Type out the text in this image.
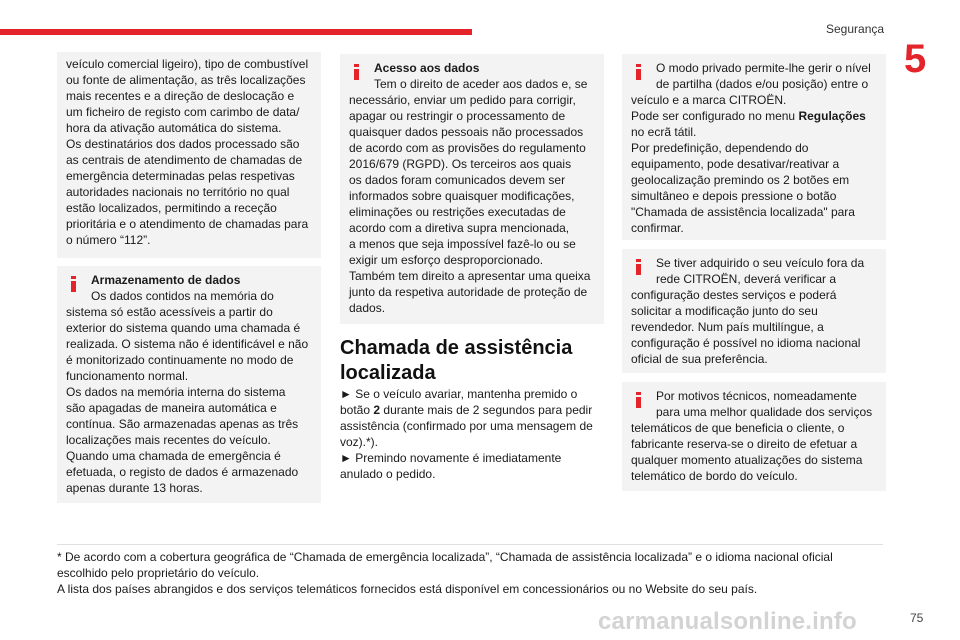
Segurança
5

veículo comercial ligeiro), tipo de combustível

ou fonte de alimentação, as três localizações

mais recentes e a direção de deslocação e

um ficheiro de registo com carimbo de data/

hora da ativação automática do sistema.

Os destinatários dos dados processado são

as centrais de atendimento de chamadas de

emergência determinadas pelas respetivas

autoridades nacionais no território no qual

estão localizados, permitindo a receção

prioritária e o atendimento de chamadas para

o número “112”.

Armazenamento de dados

Os dados contidos na memória do

sistema só estão acessíveis a partir do

exterior do sistema quando uma chamada é

realizada. O sistema não é identificável e não

é monitorizado continuamente no modo de

funcionamento normal.

Os dados na memória interna do sistema

são apagadas de maneira automática e

contínua. São armazenadas apenas as três

localizações mais recentes do veículo.

Quando uma chamada de emergência é

efetuada, o registo de dados é armazenado

apenas durante 13 horas.

Acesso aos dados

Tem o direito de aceder aos dados e, se

necessário, enviar um pedido para corrigir,

apagar ou restringir o processamento de

quaisquer dados pessoais não processados

de acordo com as provisões do regulamento

2016/679 (RGPD). Os terceiros aos quais

os dados foram comunicados devem ser

informados sobre quaisquer modificações,

eliminações ou restrições executadas de

acordo com a diretiva supra mencionada,

a menos que seja impossível fazê-lo ou se

exigir um esforço desproporcionado.

Também tem direito a apresentar uma queixa

junto da respetiva autoridade de proteção de

dados.

Chamada de assistência localizada

► Se o veículo avariar, mantenha premido o botão 2 durante mais de 2 segundos para pedir assistência (confirmado por uma mensagem de voz).*).

► Premindo novamente é imediatamente anulado o pedido.

O modo privado permite-lhe gerir o nível

de partilha (dados e/ou posição) entre o

veículo e a marca CITROËN.

Pode ser configurado no menu Regulações

no ecrã tátil.

Por predefinição, dependendo do

equipamento, pode desativar/reativar a

geolocalização premindo os 2 botões em

simultâneo e depois pressione o botão

"Chamada de assistência localizada" para

confirmar.

Se tiver adquirido o seu veículo fora da

rede CITROËN, deverá verificar a

configuração destes serviços e poderá

solicitar a modificação junto do seu

revendedor. Num país multilíngue, a

configuração é possível no idioma nacional

oficial de sua preferência.

Por motivos técnicos, nomeadamente

para uma melhor qualidade dos serviços

telemáticos de que beneficia o cliente, o

fabricante reserva-se o direito de efetuar a

qualquer momento atualizações do sistema

telemático de bordo do veículo.

* De acordo com a cobertura geográfica de “Chamada de emergência localizada”, “Chamada de assistência localizada” e o idioma nacional oficial

escolhido pelo proprietário do veículo.

A lista dos países abrangidos e dos serviços telemáticos fornecidos está disponível em concessionários ou no Website do seu país.

carmanualsonline.info	75
